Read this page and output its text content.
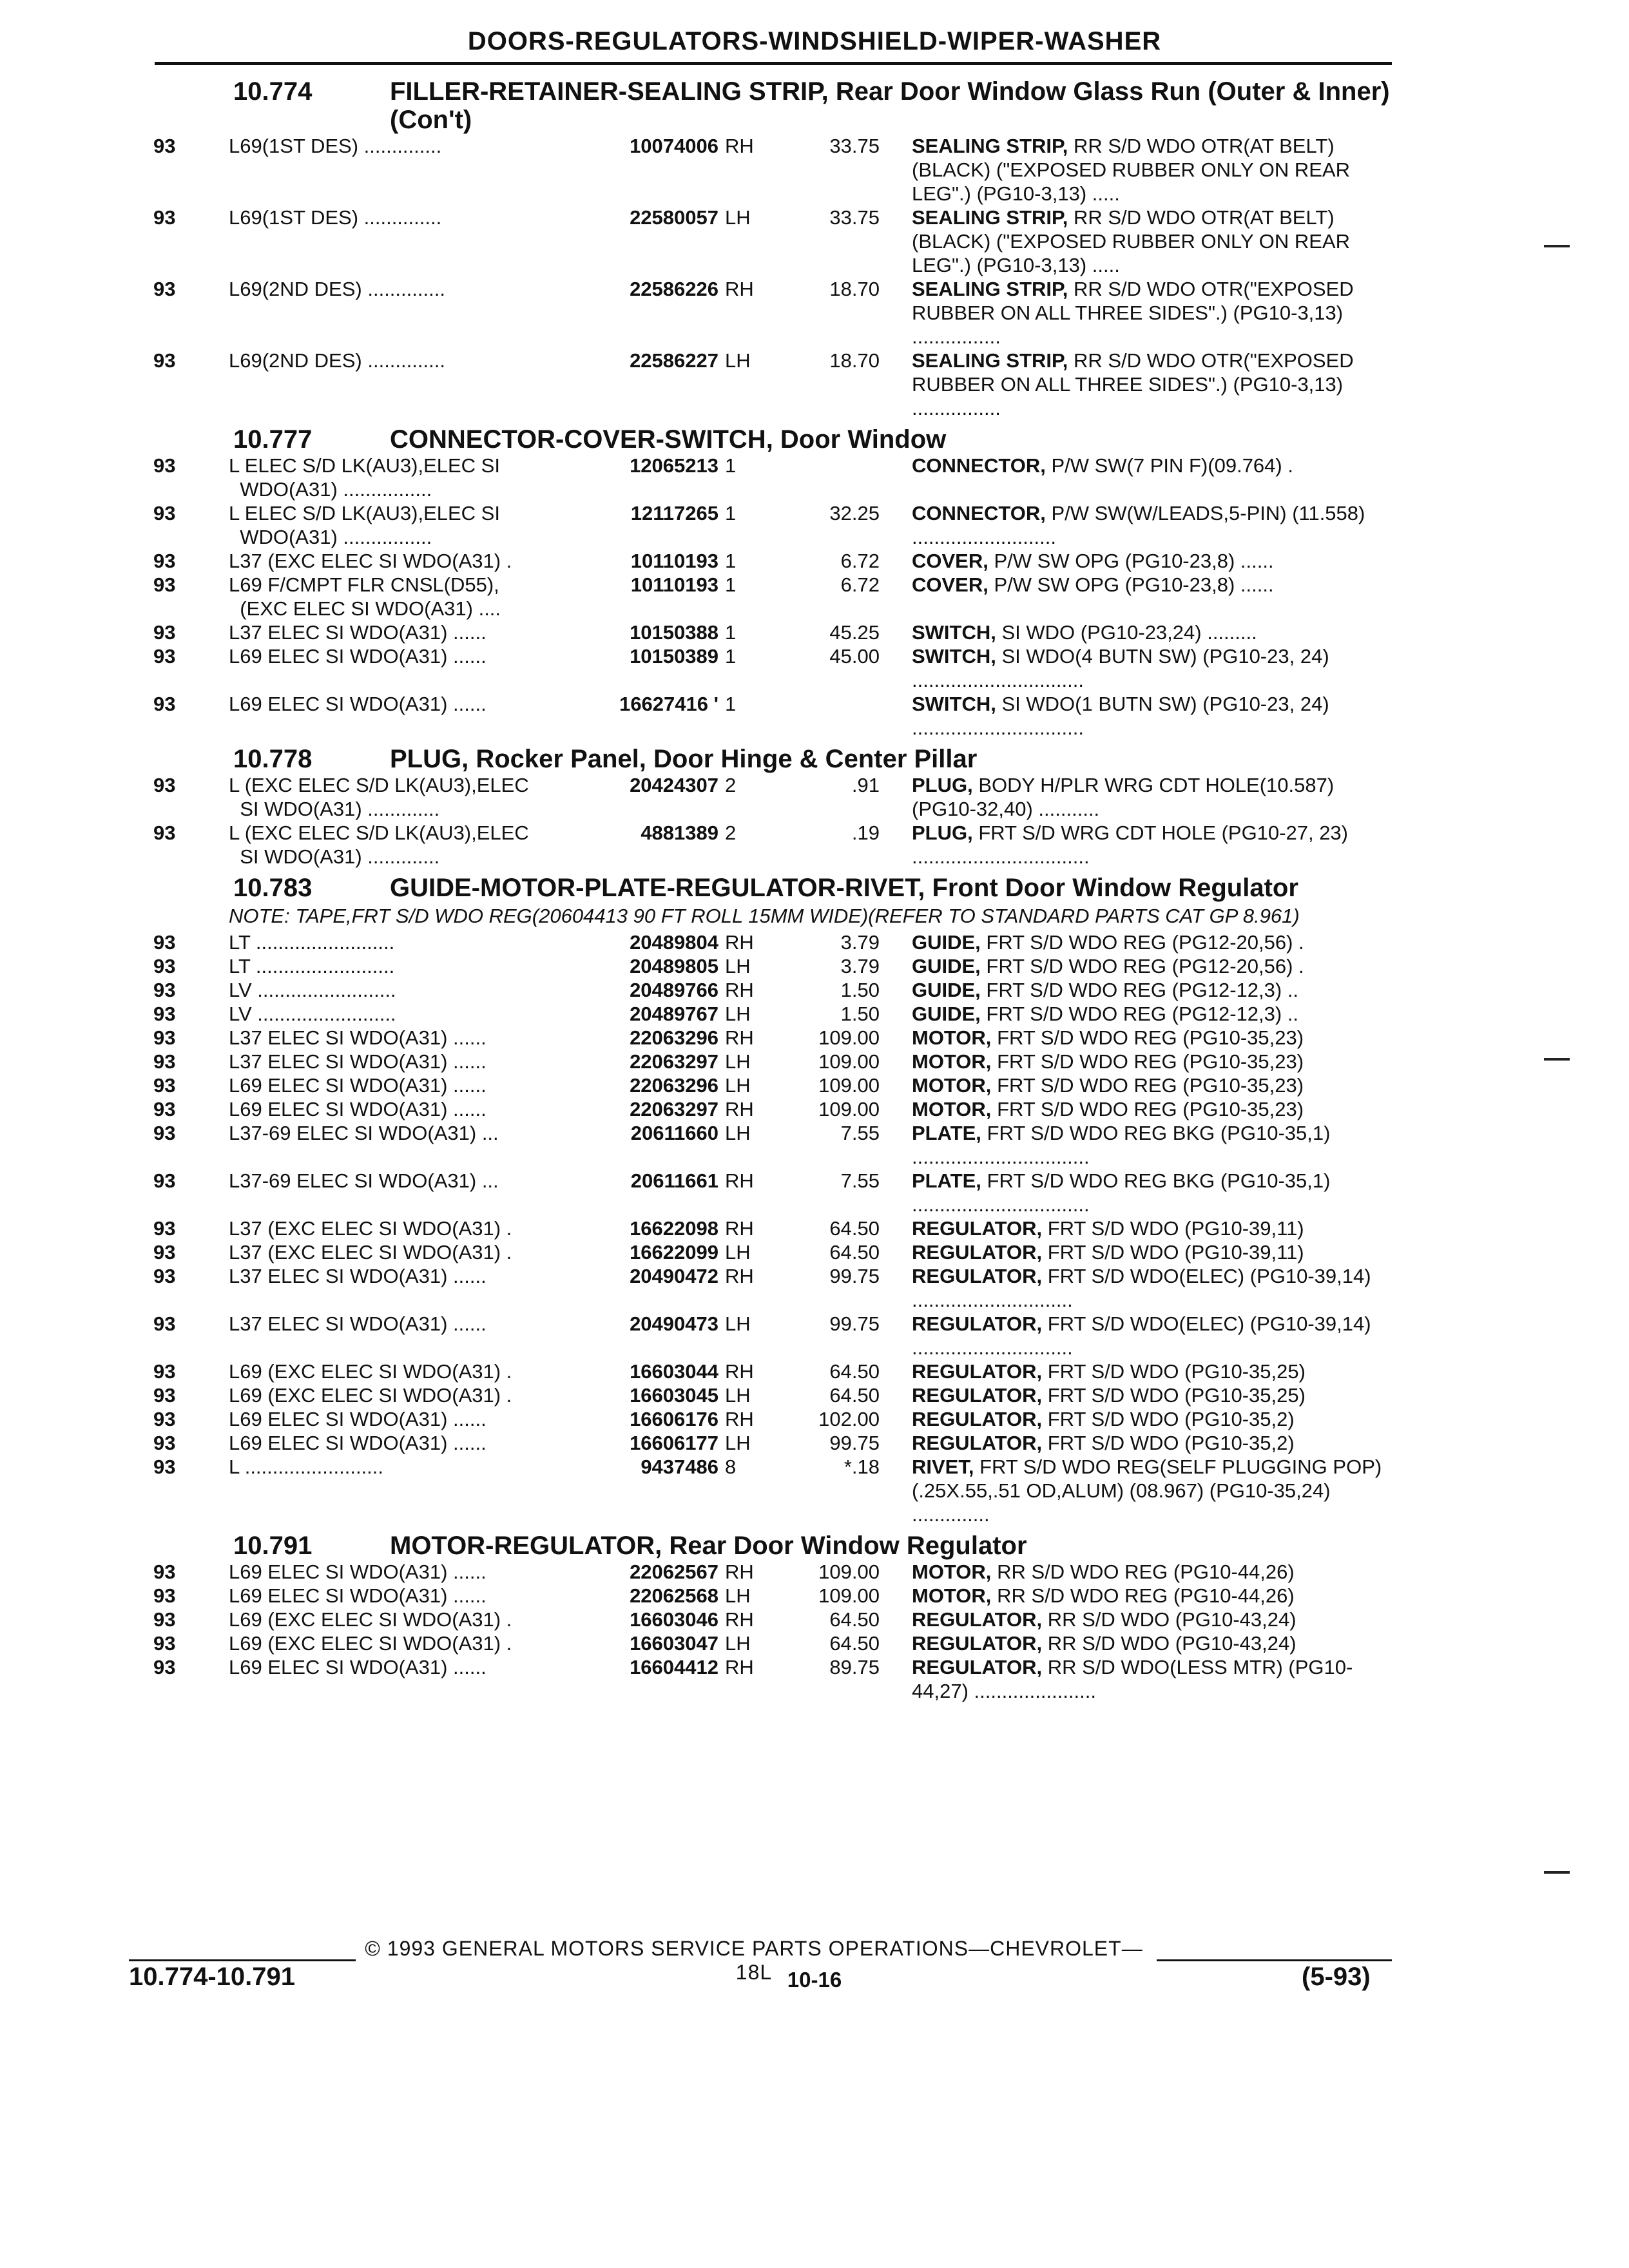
DOORS-REGULATORS-WINDSHIELD-WIPER-WASHER
10.774	FILLER-RETAINER-SEALING STRIP, Rear Door Window Glass Run (Outer & Inner) (Con't)
93	L69(1ST DES) ..............	10074006 RH	33.75 SEALING STRIP, RR S/D WDO OTR(AT BELT)(BLACK) ("EXPOSED RUBBER ONLY ON REAR LEG".) (PG10-3,13) .....
93	L69(1ST DES) ..............	22580057 LH	33.75 SEALING STRIP, RR S/D WDO OTR(AT BELT)(BLACK) ("EXPOSED RUBBER ONLY ON REAR LEG".) (PG10-3,13) .....
93	L69(2ND DES) ..............	22586226 RH	18.70 SEALING STRIP, RR S/D WDO OTR("EXPOSED RUBBER ON ALL THREE SIDES".) (PG10-3,13) ................
93	L69(2ND DES) ..............	22586227 LH	18.70 SEALING STRIP, RR S/D WDO OTR("EXPOSED RUBBER ON ALL THREE SIDES".) (PG10-3,13) ................
10.777	CONNECTOR-COVER-SWITCH, Door Window
93	L ELEC S/D LK(AU3),ELEC SI
WDO(A31) ................
12065213 1	CONNECTOR, P/W SW(7 PIN F)(09.764) .
93	L ELEC S/D LK(AU3),ELEC SI
WDO(A31) ................
12117265 1	32.25 CONNECTOR, P/W SW(W/LEADS,5-PIN) (11.558) ..........................
93	L37 (EXC ELEC SI WDO(A31) .	10110193 1	6.72 COVER, P/W SW OPG (PG10-23,8) ......
93	L69 F/CMPT FLR CNSL(D55),
(EXC ELEC SI WDO(A31) ....
10110193 1	6.72 COVER, P/W SW OPG (PG10-23,8) ......
93	L37 ELEC SI WDO(A31) ......	10150388 1	45.25 SWITCH, SI WDO (PG10-23,24) .........
93	L69 ELEC SI WDO(A31) ......	10150389 1	45.00 SWITCH, SI WDO(4 BUTN SW) (PG10-23, 24) ...............................
93	L69 ELEC SI WDO(A31) ......	16627416 ' 1	SWITCH, SI WDO(1 BUTN SW) (PG10-23, 24) ...............................
10.778	PLUG, Rocker Panel, Door Hinge & Center Pillar
93	L (EXC ELEC S/D LK(AU3),ELEC
SI WDO(A31) .............
20424307 2	.91 PLUG, BODY H/PLR WRG CDT HOLE(10.587) (PG10-32,40) ...........
93	L (EXC ELEC S/D LK(AU3),ELEC
SI WDO(A31) .............
4881389 2	.19 PLUG, FRT S/D WRG CDT HOLE (PG10-27, 23) ................................
10.783	GUIDE-MOTOR-PLATE-REGULATOR-RIVET, Front Door Window Regulator
NOTE: TAPE,FRT S/D WDO REG(20604413 90 FT ROLL 15MM WIDE)(REFER TO STANDARD PARTS CAT GP 8.961)
93	LT .........................	20489804 RH	3.79 GUIDE, FRT S/D WDO REG (PG12-20,56) .
93	LT .........................	20489805 LH	3.79 GUIDE, FRT S/D WDO REG (PG12-20,56) .
93	LV .........................	20489766 RH	1.50 GUIDE, FRT S/D WDO REG (PG12-12,3) ..
93	LV .........................	20489767 LH	1.50 GUIDE, FRT S/D WDO REG (PG12-12,3) ..
93	L37 ELEC SI WDO(A31) ......	22063296 RH	109.00 MOTOR, FRT S/D WDO REG (PG10-35,23)
93	L37 ELEC SI WDO(A31) ......	22063297 LH	109.00 MOTOR, FRT S/D WDO REG (PG10-35,23)
93	L69 ELEC SI WDO(A31) ......	22063296 LH	109.00 MOTOR, FRT S/D WDO REG (PG10-35,23)
93	L69 ELEC SI WDO(A31) ......	22063297 RH	109.00 MOTOR, FRT S/D WDO REG (PG10-35,23)
93	L37-69 ELEC SI WDO(A31) ...	20611660 LH	7.55 PLATE, FRT S/D WDO REG BKG (PG10-35,1) ................................
93	L37-69 ELEC SI WDO(A31) ...	20611661 RH	7.55 PLATE, FRT S/D WDO REG BKG (PG10-35,1) ................................
93	L37 (EXC ELEC SI WDO(A31) .	16622098 RH	64.50 REGULATOR, FRT S/D WDO (PG10-39,11)
93	L37 (EXC ELEC SI WDO(A31) .	16622099 LH	64.50 REGULATOR, FRT S/D WDO (PG10-39,11)
93	L37 ELEC SI WDO(A31) ......	20490472 RH	99.75 REGULATOR, FRT S/D WDO(ELEC) (PG10-39,14) .............................
93	L37 ELEC SI WDO(A31) ......	20490473 LH	99.75 REGULATOR, FRT S/D WDO(ELEC) (PG10-39,14) .............................
93	L69 (EXC ELEC SI WDO(A31) .	16603044 RH	64.50 REGULATOR, FRT S/D WDO (PG10-35,25)
93	L69 (EXC ELEC SI WDO(A31) .	16603045 LH	64.50 REGULATOR, FRT S/D WDO (PG10-35,25)
93	L69 ELEC SI WDO(A31) ......	16606176 RH	102.00 REGULATOR, FRT S/D WDO (PG10-35,2)
93	L69 ELEC SI WDO(A31) ......	16606177 LH	99.75 REGULATOR, FRT S/D WDO (PG10-35,2)
93	L .........................	9437486 8	*.18 RIVET, FRT S/D WDO REG(SELF PLUGGING POP)(.25X.55,.51 OD,ALUM) (08.967) (PG10-35,24) ..............
10.791	MOTOR-REGULATOR, Rear Door Window Regulator
93	L69 ELEC SI WDO(A31) ......	22062567 RH	109.00 MOTOR, RR S/D WDO REG (PG10-44,26)
93	L69 ELEC SI WDO(A31) ......	22062568 LH	109.00 MOTOR, RR S/D WDO REG (PG10-44,26)
93	L69 (EXC ELEC SI WDO(A31) .	16603046 RH	64.50 REGULATOR, RR S/D WDO (PG10-43,24)
93	L69 (EXC ELEC SI WDO(A31) .	16603047 LH	64.50 REGULATOR, RR S/D WDO (PG10-43,24)
93	L69 ELEC SI WDO(A31) ......	16604412 RH	89.75 REGULATOR, RR S/D WDO(LESS MTR) (PG10-44,27) ......................
© 1993 GENERAL MOTORS SERVICE PARTS OPERATIONS—CHEVROLET—18L
10.774-10.791	10-16	(5-93)
